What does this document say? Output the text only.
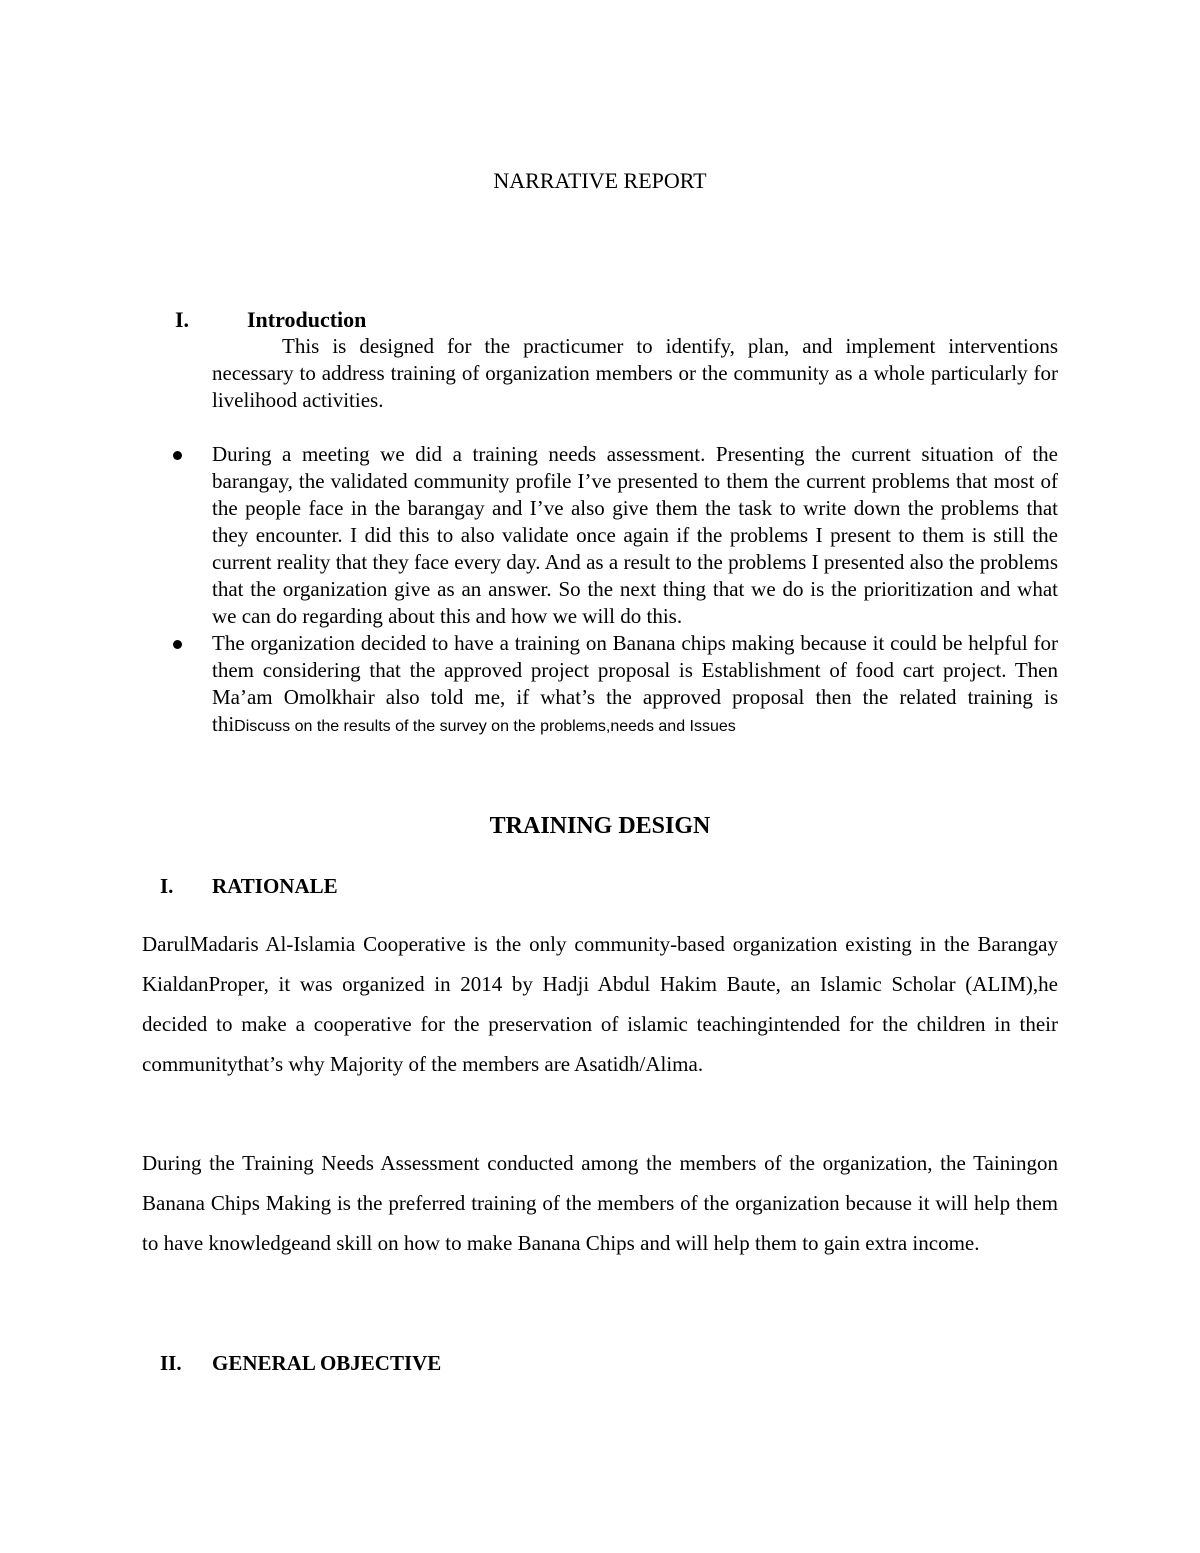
NARRATIVE REPORT
I.	Introduction

This is designed for the practicumer to identify, plan, and implement interventions necessary to address training of organization members or the community as a whole particularly for livelihood activities.

During a meeting we did a training needs assessment. Presenting the current situation of the barangay, the validated community profile I’ve presented to them the current problems that most of the people face in the barangay and I’ve also give them the task to write down the problems that they encounter. I did this to also validate once again if the problems I present to them is still the current reality that they face every day. And as a result to the problems I presented also the problems that the organization give as an answer. So the next thing that we do is the prioritization and what we can do regarding about this and how we will do this.
The organization decided to have a training on Banana chips making because it could be helpful for them considering that the approved project proposal is Establishment of food cart project. Then Ma’am Omolkhair also told me, if what’s the approved proposal then the related training is thiDiscuss on the results of the survey on the problems,needs and Issues
TRAINING DESIGN
I. RATIONALE

DarulMadaris Al-Islamia Cooperative is the only community-based organization existing in the Barangay KialdanProper, it was organized in 2014 by Hadji Abdul Hakim Baute, an Islamic Scholar (ALIM),he decided to make a cooperative for the preservation of islamic teachingintended for the children in their communitythat’s why Majority of the members are Asatidh/Alima.

During the Training Needs Assessment conducted among the members of the organization, the Tainingon Banana Chips Making is the preferred training of the members of the organization because it will help them to have knowledgeand skill on how to make Banana Chips and will help them to gain extra income.

II. GENERAL OBJECTIVE
